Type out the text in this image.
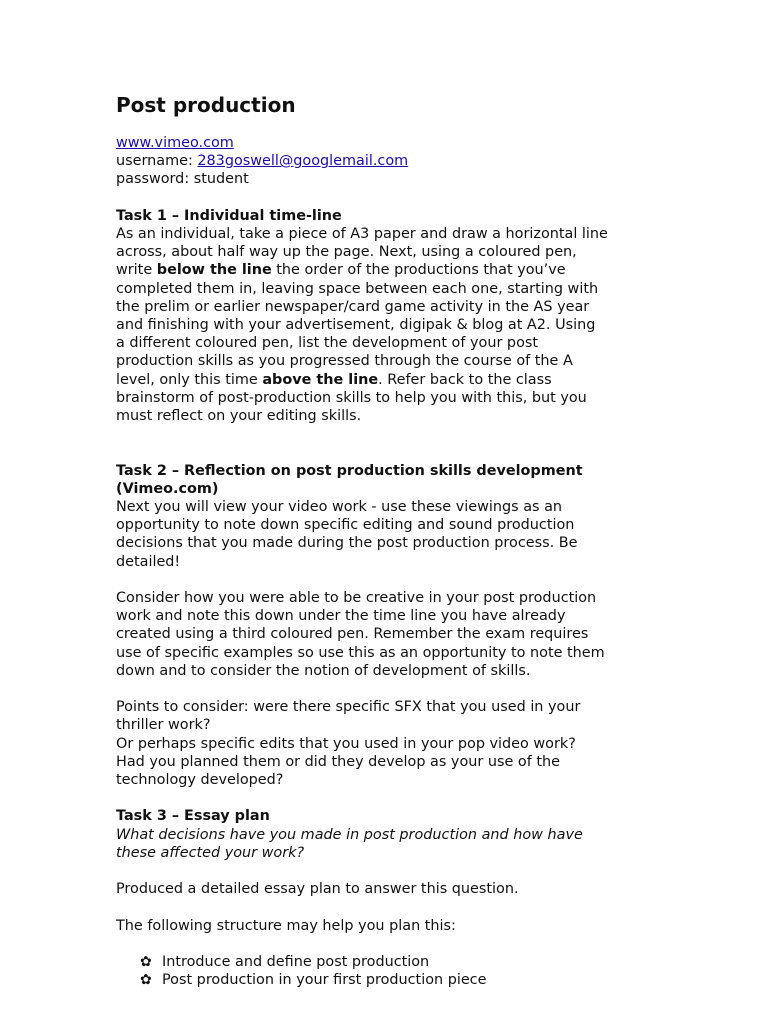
Post production
www.vimeo.com
username: 283goswell@googlemail.com
password: student
Task 1 – Individual time-line
As an individual, take a piece of A3 paper and draw a horizontal line
across, about half way up the page. Next, using a coloured pen,
write below the line the order of the productions that you’ve
completed them in, leaving space between each one, starting with
the prelim or earlier newspaper/card game activity in the AS year
and finishing with your advertisement, digipak & blog at A2. Using
a different coloured pen, list the development of your post
production skills as you progressed through the course of the A
level, only this time above the line. Refer back to the class
brainstorm of post-production skills to help you with this, but you
must reflect on your editing skills.
Task 2 – Reflection on post production skills development
(Vimeo.com)
Next you will view your video work - use these viewings as an
opportunity to note down specific editing and sound production
decisions that you made during the post production process. Be
detailed!
Consider how you were able to be creative in your post production
work and note this down under the time line you have already
created using a third coloured pen. Remember the exam requires
use of specific examples so use this as an opportunity to note them
down and to consider the notion of development of skills.
Points to consider: were there specific SFX that you used in your
thriller work?
Or perhaps specific edits that you used in your pop video work?
Had you planned them or did they develop as your use of the
technology developed?
Task 3 – Essay plan
What decisions have you made in post production and how have
these affected your work?
Produced a detailed essay plan to answer this question.
The following structure may help you plan this:
✿ Introduce and define post production
✿ Post production in your first production piece
